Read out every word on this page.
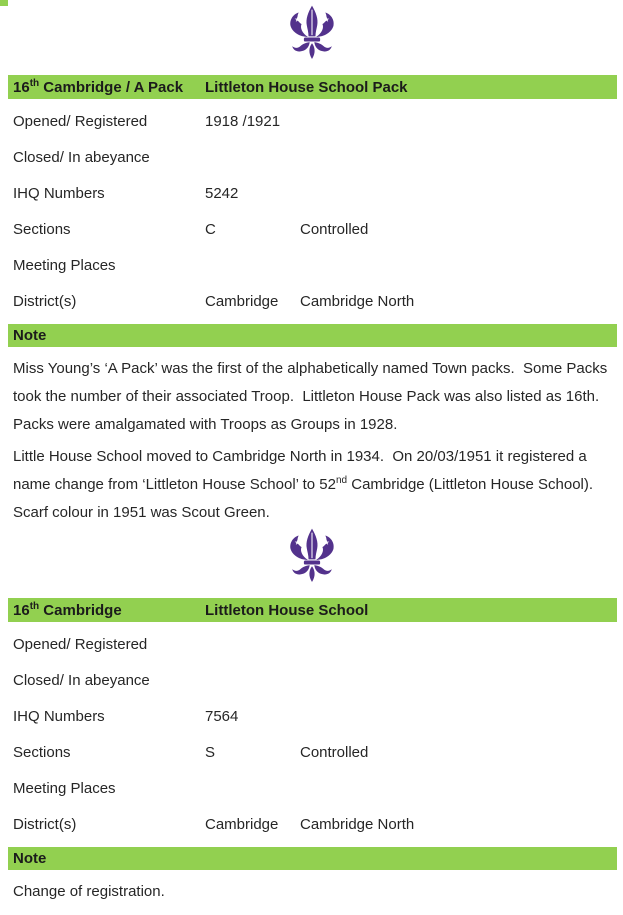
16th Cambridge / A Pack	Littleton House School Pack
Opened/ Registered	1918 /1921
Closed/ In abeyance
IHQ Numbers	5242
Sections	C	Controlled
Meeting Places
District(s)	Cambridge	Cambridge North
Note

Miss Young’s ‘A Pack’ was the first of the alphabetically named Town packs.  Some Packs took the number of their associated Troop.  Littleton House Pack was also listed as 16th.  Packs were amalgamated with Troops as Groups in 1928.

Little House School moved to Cambridge North in 1934.  On 20/03/1951 it registered a name change from ‘Littleton House School’ to 52nd Cambridge (Littleton House School).  Scarf colour in 1951 was Scout Green.

16th Cambridge	Littleton House School
Opened/ Registered
Closed/ In abeyance
IHQ Numbers	7564
Sections	S	Controlled
Meeting Places
District(s)	Cambridge	Cambridge North
Note

Change of registration.
